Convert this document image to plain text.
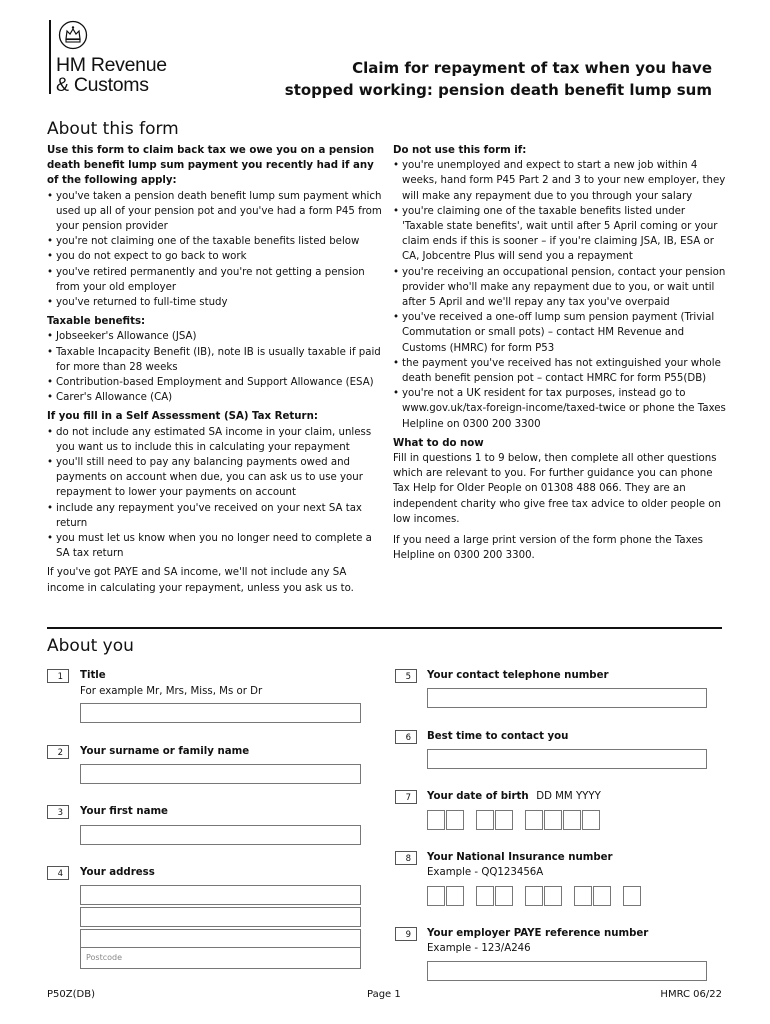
HM Revenue
& Customs
Claim for repayment of tax when you have
stopped working: pension death benefit lump sum
About this form

Use this form to claim back tax we owe you on a pension death benefit lump sum payment you recently had if any of the following apply:

• you've taken a pension death benefit lump sum payment which used up all of your pension pot and you've had a form P45 from your pension provider
• you're not claiming one of the taxable benefits listed below
• you do not expect to go back to work
• you've retired permanently and you're not getting a pension from your old employer
• you've returned to full-time study

Taxable benefits:

• Jobseeker's Allowance (JSA)
• Taxable Incapacity Benefit (IB), note IB is usually taxable if paid for more than 28 weeks
• Contribution-based Employment and Support Allowance (ESA)
• Carer's Allowance (CA)

If you fill in a Self Assessment (SA) Tax Return:

• do not include any estimated SA income in your claim, unless you want us to include this in calculating your repayment
• you'll still need to pay any balancing payments owed and payments on account when due, you can ask us to use your repayment to lower your payments on account
• include any repayment you've received on your next SA tax return
• you must let us know when you no longer need to complete a SA tax return

If you've got PAYE and SA income, we'll not include any SA income in calculating your repayment, unless you ask us to.

Do not use this form if:

• you're unemployed and expect to start a new job within 4 weeks, hand form P45 Part 2 and 3 to your new employer, they will make any repayment due to you through your salary
• you're claiming one of the taxable benefits listed under 'Taxable state benefits', wait until after 5 April coming or your claim ends if this is sooner – if you're claiming JSA, IB, ESA or CA, Jobcentre Plus will send you a repayment
• you're receiving an occupational pension, contact your pension provider who'll make any repayment due to you, or wait until after 5 April and we'll repay any tax you've overpaid
• you've received a one-off lump sum pension payment (Trivial Commutation or small pots) – contact HM Revenue and Customs (HMRC) for form P53
• the payment you've received has not extinguished your whole death benefit pension pot – contact HMRC for form P55(DB)
• you're not a UK resident for tax purposes, instead go to www.gov.uk/tax-foreign-income/taxed-twice or phone the Taxes Helpline on 0300 200 3300

What to do now

Fill in questions 1 to 9 below, then complete all other questions which are relevant to you. For further guidance you can phone Tax Help for Older People on 01308 488 066. They are an independent charity who give free tax advice to older people on low incomes.

If you need a large print version of the form phone the Taxes Helpline on 0300 200 3300.

About you
1	Title
For example Mr, Mrs, Miss, Ms or Dr
2	Your surname or family name
3	Your first name
4	Your address
Postcode
5	Your contact telephone number
6	Best time to contact you
7	Your date of birth DD MM YYYY
8	Your National Insurance number
Example - QQ123456A
9	Your employer PAYE reference number
Example - 123/A246
P50Z(DB)	Page 1	HMRC 06/22
